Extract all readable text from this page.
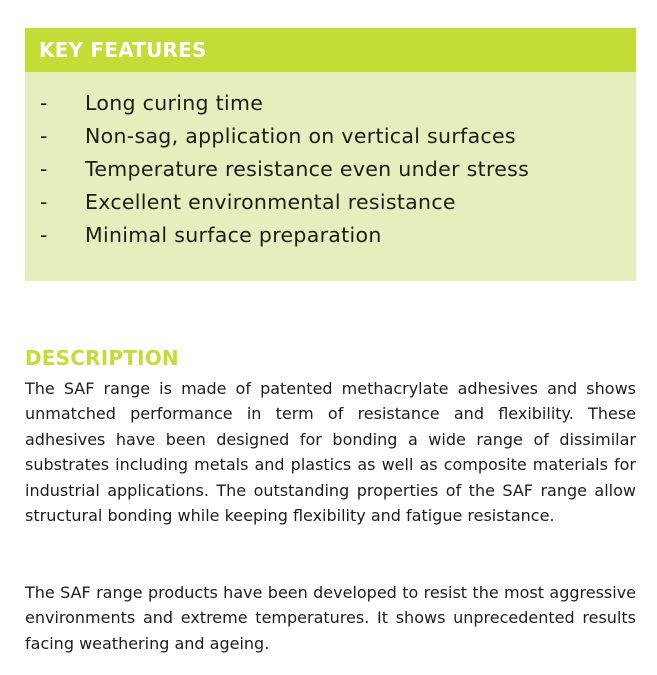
KEY FEATURES
-	Long curing time
-	Non-sag, application on vertical surfaces
-	Temperature resistance even under stress
-	Excellent environmental resistance
-	Minimal surface preparation
DESCRIPTION

The SAF range is made of patented methacrylate adhesives and shows unmatched performance in term of resistance and flexibility. These adhesives have been designed for bonding a wide range of dissimilar substrates including metals and plastics as well as composite materials for industrial applications. The outstanding properties of the SAF range allow structural bonding while keeping flexibility and fatigue resistance.

The SAF range products have been developed to resist the most aggressive environments and extreme temperatures. It shows unprecedented results facing weathering and ageing.
